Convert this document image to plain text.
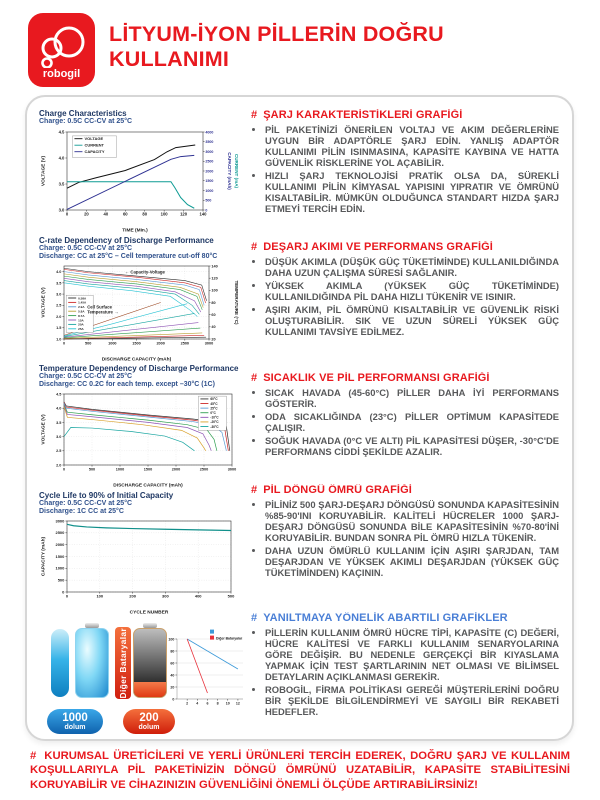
robogil
LİTYUM-İYON PİLLERİN DOĞRU KULLANIMI
Charge Characteristics
Charge: 0.5C CC-CV at 25°C
0	20	40	60	80	100	120	140
TIME (Min.)
3.0
3.5
4.0
4.5
VOLTAGE (V)
0
500
1000
1500
2000
2500
3000
3500
4000
CAPACITY (mAh) CURRENT (mA)
VOLTAGE
CURRENT
CAPACITY
C-rate Dependency of Discharge Performance
Charge: 0.5C CC-CV at 25°C
Discharge: CC at 25°C – Cell temperature cut-off 80°C
0	500	1000	1500	2000	2500	3000
DISCHARGE CAPACITY (mAh)
1.0
1.5
2.0
2.5
3.0
3.5
4.0
VOLTAGE (V)
20
40
60
80
100
120
140
TEMPERATURE (°C)
0.58A
1.45A
2.9A
5.8A
8.7A
15A
20A
25A
← Capacity-Voltage
Cell Surface
Temperature →
Temperature Dependency of Discharge Performance
Charge: 0.5C CC-CV at 25°C
Discharge: CC 0.2C for each temp. except –30°C (1C)
0	500	1000	1500	2000	2500	3000
DISCHARGE CAPACITY (mAh)
2.0
2.5
3.0
3.5
4.0
4.5
VOLTAGE (V)
60°C
45°C
25°C
0°C
-10°C
-20°C
-30°C
Cycle Life to 90% of Initial Capacity
Charge: 0.5C CC-CV at 25°C
Discharge: 1C CC at 25°C
0	100	200	300	400	500
CYCLE NUMBER
0
500
1000
1500
2000
2500
3000
CAPACITY (mAh)
Diğer Bataryalar
1000
dolum
200
dolum
2 4 6 8 10 12
0
20
40
60
80
100	Diğer Bataryalar
# ŞARJ KARAKTERİSTİKLERİ GRAFİĞİ
• PİL PAKETİNİZİ ÖNERİLEN VOLTAJ VE AKIM DEĞERLERİNE UYGUN BİR ADAPTÖRLE ŞARJ EDİN. YANLIŞ ADAPTÖR KULLANIMI PİLİN ISINMASINA, KAPASİTE KAYBINA VE HATTA GÜVENLİK RİSKLERİNE YOL AÇABİLİR.
• HIZLI ŞARJ TEKNOLOJİSİ PRATİK OLSA DA, SÜREKLİ KULLANIMI PİLİN KİMYASAL YAPISINI YIPRATIR VE ÖMRÜNÜ KISALTABİLİR. MÜMKÜN OLDUĞUNCA STANDART HIZDA ŞARJ ETMEYİ TERCİH EDİN.
# DEŞARJ AKIMI VE PERFORMANS GRAFİĞİ
• DÜŞÜK AKIMLA (DÜŞÜK GÜÇ TÜKETİMİNDE) KULLANILDIĞINDA DAHA UZUN ÇALIŞMA SÜRESİ SAĞLANIR.
• YÜKSEK AKIMLA (YÜKSEK GÜÇ TÜKETİMİNDE) KULLANILDIĞINDA PİL DAHA HIZLI TÜKENİR VE ISINIR.
• AŞIRI AKIM, PİL ÖMRÜNÜ KISALTABİLİR VE GÜVENLİK RİSKİ OLUŞTURABİLİR. SIK VE UZUN SÜRELİ YÜKSEK GÜÇ KULLANIMI TAVSİYE EDİLMEZ.
# SICAKLIK VE PİL PERFORMANSI GRAFİĞİ
• SICAK HAVADA (45-60°C) PİLLER DAHA İYİ PERFORMANS GÖSTERİR.
• ODA SICAKLIĞINDA (23°C) PİLLER OPTİMUM KAPASİTEDE ÇALIŞIR.
• SOĞUK HAVADA (0°C VE ALTI) PİL KAPASİTESİ DÜŞER, -30°C'DE PERFORMANS CİDDİ ŞEKİLDE AZALIR.
# PİL DÖNGÜ ÖMRÜ GRAFİĞİ
• PİLİNİZ 500 ŞARJ-DEŞARJ DÖNGÜSÜ SONUNDA KAPASİTESİNİN %85-90'INI KORUYABİLİR. KALİTELİ HÜCRELER 1000 ŞARJ-DEŞARJ DÖNGÜSÜ SONUNDA BİLE KAPASİTESİNİN %70-80'İNİ KORUYABİLİR. BUNDAN SONRA PİL ÖMRÜ HIZLA TÜKENİR.
• DAHA UZUN ÖMÜRLÜ KULLANIM İÇİN AŞIRI ŞARJDAN, TAM DEŞARJDAN VE YÜKSEK AKIMLI DEŞARJDAN (YÜKSEK GÜÇ TÜKETİMİNDEN) KAÇININ.
# YANILTMAYA YÖNELİK ABARTILI GRAFİKLER
• PİLLERİN KULLANIM ÖMRÜ HÜCRE TİPİ, KAPASİTE (C) DEĞERİ, HÜCRE KALİTESİ VE FARKLI KULLANIM SENARYOLARINA GÖRE DEĞİŞİR. BU NEDENLE GERÇEKÇİ BİR KIYASLAMA YAPMAK İÇİN TEST ŞARTLARININ NET OLMASI VE BİLİMSEL DETAYLARIN AÇIKLANMASI GEREKİR.
• ROBOGİL, FİRMA POLİTİKASI GEREĞİ MÜŞTERİLERİNİ DOĞRU BİR ŞEKİLDE BİLGİLENDİRMEYİ VE SAYGILI BİR REKABETİ HEDEFLER.
# KURUMSAL ÜRETİCİLERİ VE YERLİ ÜRÜNLERİ TERCİH EDEREK, DOĞRU ŞARJ VE KULLANIM KOŞULLARIYLA PİL PAKETİNİZİN DÖNGÜ ÖMRÜNÜ UZATABİLİR, KAPASİTE STABİLİTESİNİ KORUYABİLİR VE CİHAZINIZIN GÜVENLİĞİNİ ÖNEMLİ ÖLÇÜDE ARTIRABİLİRSİNİZ!
